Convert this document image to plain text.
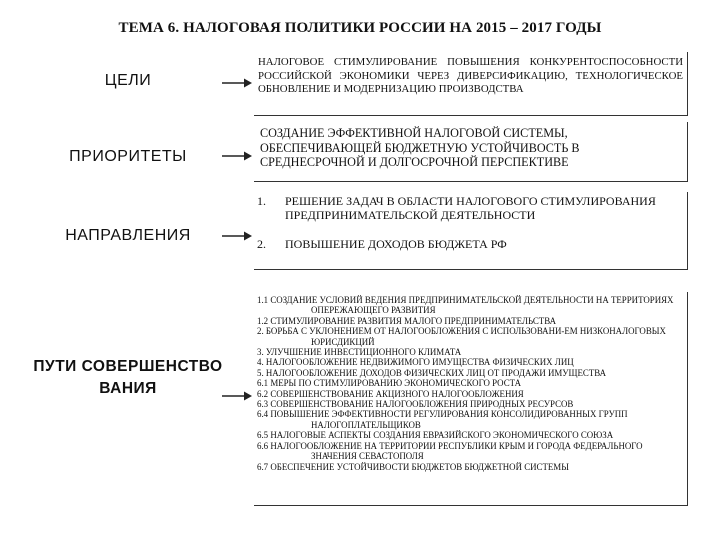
ТЕМА 6. НАЛОГОВАЯ ПОЛИТИКИ РОССИИ НА 2015 – 2017 ГОДЫ
ЦЕЛИ
НАЛОГОВОЕ СТИМУЛИРОВАНИЕ ПОВЫШЕНИЯ КОНКУРЕНТОСПОСОБНОСТИ РОССИЙСКОЙ ЭКОНОМИКИ ЧЕРЕЗ ДИВЕРСИФИКАЦИЮ, ТЕХНОЛОГИЧЕСКОЕ ОБНОВЛЕНИЕ И МОДЕРНИЗАЦИЮ ПРОИЗВОДСТВА
ПРИОРИТЕТЫ
СОЗДАНИЕ ЭФФЕКТИВНОЙ НАЛОГОВОЙ СИСТЕМЫ, ОБЕСПЕЧИВАЮЩЕЙ БЮДЖЕТНУЮ УСТОЙЧИВОСТЬ В СРЕДНЕСРОЧНОЙ И ДОЛГОСРОЧНОЙ ПЕРСПЕКТИВЕ
НАПРАВЛЕНИЯ
1. РЕШЕНИЕ ЗАДАЧ В ОБЛАСТИ НАЛОГОВОГО СТИМУЛИРОВАНИЯ ПРЕДПРИНИМАТЕЛЬСКОЙ ДЕЯТЕЛЬНОСТИ
2. ПОВЫШЕНИЕ ДОХОДОВ БЮДЖЕТА РФ
ПУТИ СОВЕРШЕНСТВО ВАНИЯ
1.1 СОЗДАНИЕ УСЛОВИЙ ВЕДЕНИЯ ПРЕДПРИНИМАТЕЛЬСКОЙ ДЕЯТЕЛЬНОСТИ НА ТЕРРИТОРИЯХ ОПЕРЕЖАЮЩЕГО РАЗВИТИЯ
1.2 СТИМУЛИРОВАНИЕ РАЗВИТИЯ МАЛОГО ПРЕДПРИНИМАТЕЛЬСТВА
2. БОРЬБА С УКЛОНЕНИЕМ ОТ НАЛОГООБЛОЖЕНИЯ С ИСПОЛЬЗОВАНИ-ЕМ НИЗКОНАЛОГОВЫХ ЮРИСДИКЦИЙ
3. УЛУЧШЕНИЕ ИНВЕСТИЦИОННОГО КЛИМАТА
4. НАЛОГООБЛОЖЕНИЕ НЕДВИЖИМОГО ИМУЩЕСТВА ФИЗИЧЕСКИХ ЛИЦ
5. НАЛОГООБЛОЖЕНИЕ ДОХОДОВ ФИЗИЧЕСКИХ ЛИЦ ОТ ПРОДАЖИ ИМУЩЕСТВА
6.1 МЕРЫ ПО СТИМУЛИРОВАНИЮ ЭКОНОМИЧЕСКОГО РОСТА
6.2 СОВЕРШЕНСТВОВАНИЕ АКЦИЗНОГО НАЛОГООБЛОЖЕНИЯ
6.3 СОВЕРШЕНСТВОВАНИЕ НАЛОГООБЛОЖЕНИЯ ПРИРОДНЫХ РЕСУРСОВ
6.4 ПОВЫШЕНИЕ ЭФФЕКТИВНОСТИ РЕГУЛИРОВАНИЯ КОНСОЛИДИРОВАННЫХ ГРУПП НАЛОГОПЛАТЕЛЬЩИКОВ
6.5 НАЛОГОВЫЕ АСПЕКТЫ СОЗДАНИЯ ЕВРАЗИЙСКОГО ЭКОНОМИЧЕСКОГО СОЮЗА
6.6 НАЛОГООБЛОЖЕНИЕ НА ТЕРРИТОРИИ РЕСПУБЛИКИ КРЫМ И ГОРОДА ФЕДЕРАЛЬНОГО ЗНАЧЕНИЯ СЕВАСТОПОЛЯ
6.7 ОБЕСПЕЧЕНИЕ УСТОЙЧИВОСТИ БЮДЖЕТОВ БЮДЖЕТНОЙ СИСТЕМЫ
